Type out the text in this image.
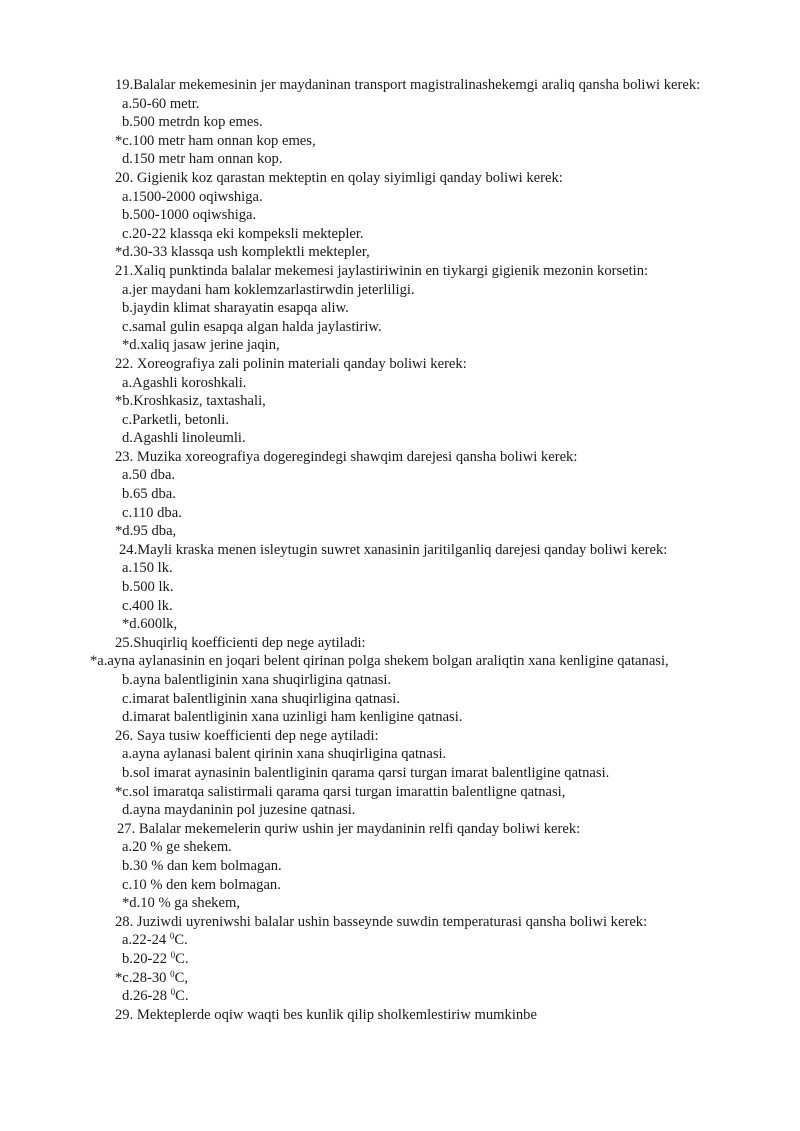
19.Balalar mekemesinin jer maydaninan transport magistralinashekemgi araliq qansha boliwi kerek:
a.50-60 metr.
b.500 metrdn kop emes.
*c.100 metr ham onnan kop emes,
d.150 metr ham onnan kop.
20. Gigienik koz qarastan mekteptin en qolay siyimligi qanday boliwi kerek:
a.1500-2000 oqiwshiga.
b.500-1000 oqiwshiga.
c.20-22 klassqa eki kompeksli mektepler.
*d.30-33 klassqa ush komplektli mektepler,
21.Xaliq punktinda balalar mekemesi jaylastiriwinin en tiykargi gigienik mezonin korsetin:
a.jer maydani ham koklemzarlastirwdin jeterliligi.
b.jaydin klimat sharayatin esapqa aliw.
c.samal gulin esapqa algan halda jaylastiriw.
*d.xaliq jasaw jerine jaqin,
22. Xoreografiya zali polinin materiali qanday boliwi kerek:
a.Agashli koroshkali.
*b.Kroshkasiz, taxtashali,
c.Parketli, betonli.
d.Agashli linoleumli.
23. Muzika xoreografiya dogeregindegi shawqim darejesi qansha boliwi kerek:
a.50 dba.
b.65 dba.
c.110 dba.
*d.95 dba,
24.Mayli kraska menen isleytugin suwret xanasinin jaritilganliq darejesi qanday boliwi kerek:
a.150 lk.
b.500 lk.
c.400 lk.
*d.600lk,
25.Shuqirliq koefficienti dep nege aytiladi:
*a.ayna aylanasinin en joqari belent qirinan polga shekem bolgan araliqtin xana kenligine qatanasi,
b.ayna balentliginin xana shuqirligina qatnasi.
c.imarat balentliginin xana shuqirligina qatnasi.
d.imarat balentliginin xana uzinligi ham kenligine qatnasi.
26. Saya tusiw koefficienti dep nege aytiladi:
a.ayna aylanasi balent qirinin xana shuqirligina qatnasi.
b.sol imarat aynasinin balentliginin qarama qarsi turgan imarat balentligine qatnasi.
*c.sol imaratqa salistirmali qarama qarsi turgan imarattin balentligne qatnasi,
d.ayna maydaninin pol juzesine qatnasi.
27. Balalar mekemelerin quriw ushin jer maydaninin relfi qanday boliwi kerek:
a.20 % ge shekem.
b.30 % dan kem bolmagan.
c.10 % den kem bolmagan.
*d.10 % ga shekem,
28. Juziwdi uyreniwshi balalar ushin basseynde suwdin temperaturasi qansha boliwi kerek:
a.22-24 $^0$C.
b.20-22 $^0$C.
*c.28-30 $^0$C,
d.26-28 $^0$C.
29. Mekteplerde oqiw waqti bes kunlik qilip sholkemlestiriw mumkinbe
